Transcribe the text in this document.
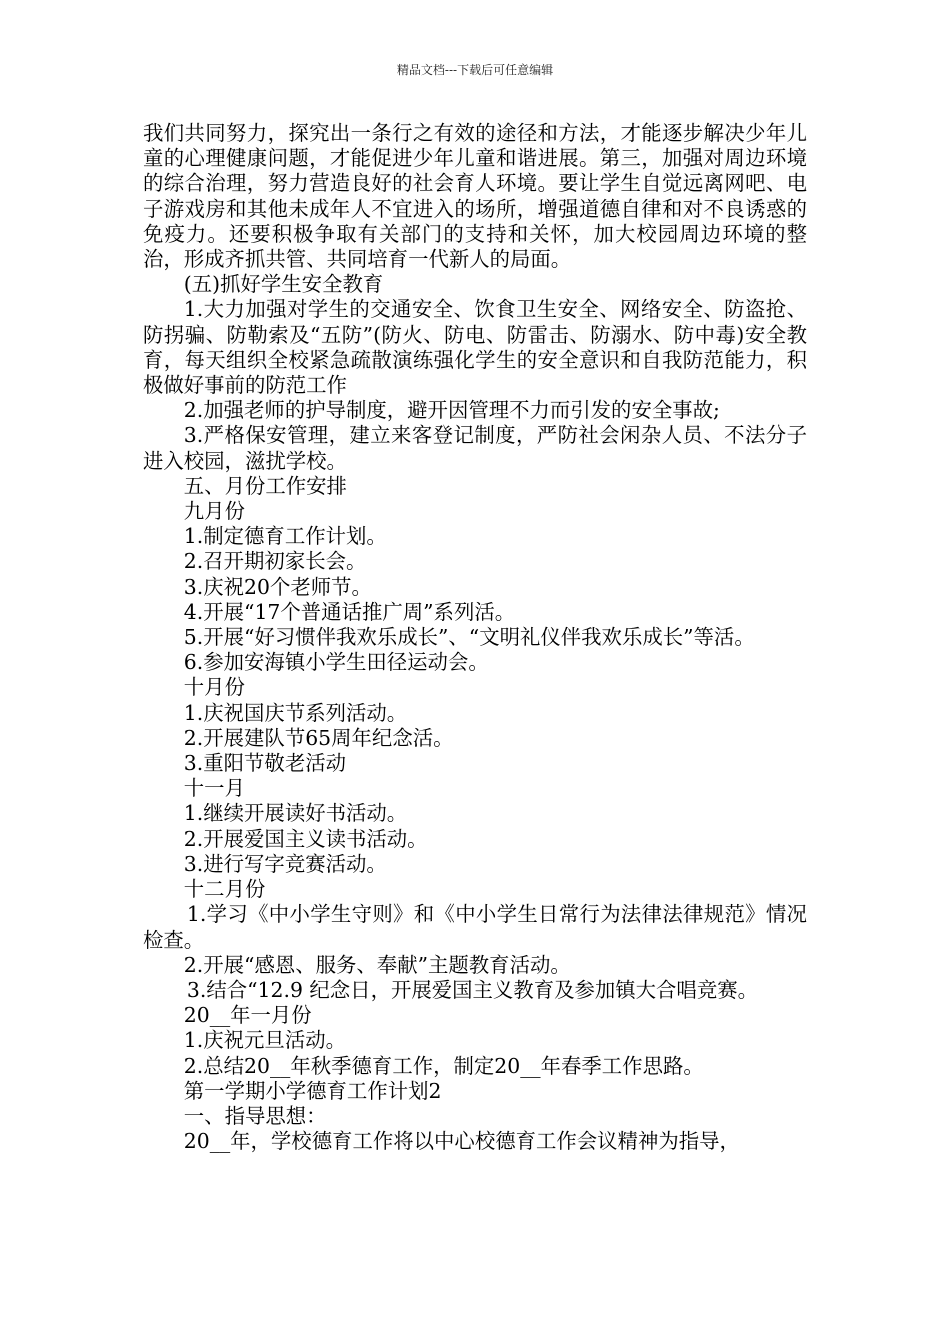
精品文档---下载后可任意编辑
我们共同努力，探究出一条行之有效的途径和方法，才能逐步解决少年儿童的心理健康问题，才能促进少年儿童和谐进展。第三，加强对周边环境的综合治理，努力营造良好的社会育人环境。要让学生自觉远离网吧、电子游戏房和其他未成年人不宜进入的场所，增强道德自律和对不良诱惑的免疫力。还要积极争取有关部门的支持和关怀，加大校园周边环境的整治，形成齐抓共管、共同培育一代新人的局面。
(五)抓好学生安全教育
1.大力加强对学生的交通安全、饮食卫生安全、网络安全、防盗抢、防拐骗、防勒索及“五防”(防火、防电、防雷击、防溺水、防中毒)安全教育，每天组织全校紧急疏散演练强化学生的安全意识和自我防范能力，积极做好事前的防范工作
2.加强老师的护导制度，避开因管理不力而引发的安全事故;
3.严格保安管理，建立来客登记制度，严防社会闲杂人员、不法分子进入校园，滋扰学校。
五、月份工作安排
九月份
1.制定德育工作计划。
2.召开期初家长会。
3.庆祝20个老师节。
4.开展“17个普通话推广周”系列活。
5.开展“好习惯伴我欢乐成长”、“文明礼仪伴我欢乐成长”等活。
6.参加安海镇小学生田径运动会。
十月份
1.庆祝国庆节系列活动。
2.开展建队节65周年纪念活。
3.重阳节敬老活动
十一月
1.继续开展读好书活动。
2.开展爱国主义读书活动。
3.进行写字竞赛活动。
十二月份
1.学习《中小学生守则》和《中小学生日常行为法律法律规范》情况检查。
2.开展“感恩、服务、奉献”主题教育活动。
3.结合“12.9 纪念日，开展爱国主义教育及参加镇大合唱竞赛。
20__年一月份
1.庆祝元旦活动。
2.总结20__年秋季德育工作，制定20__年春季工作思路。
第一学期小学德育工作计划2
一、指导思想：
20__年，学校德育工作将以中心校德育工作会议精神为指导，
